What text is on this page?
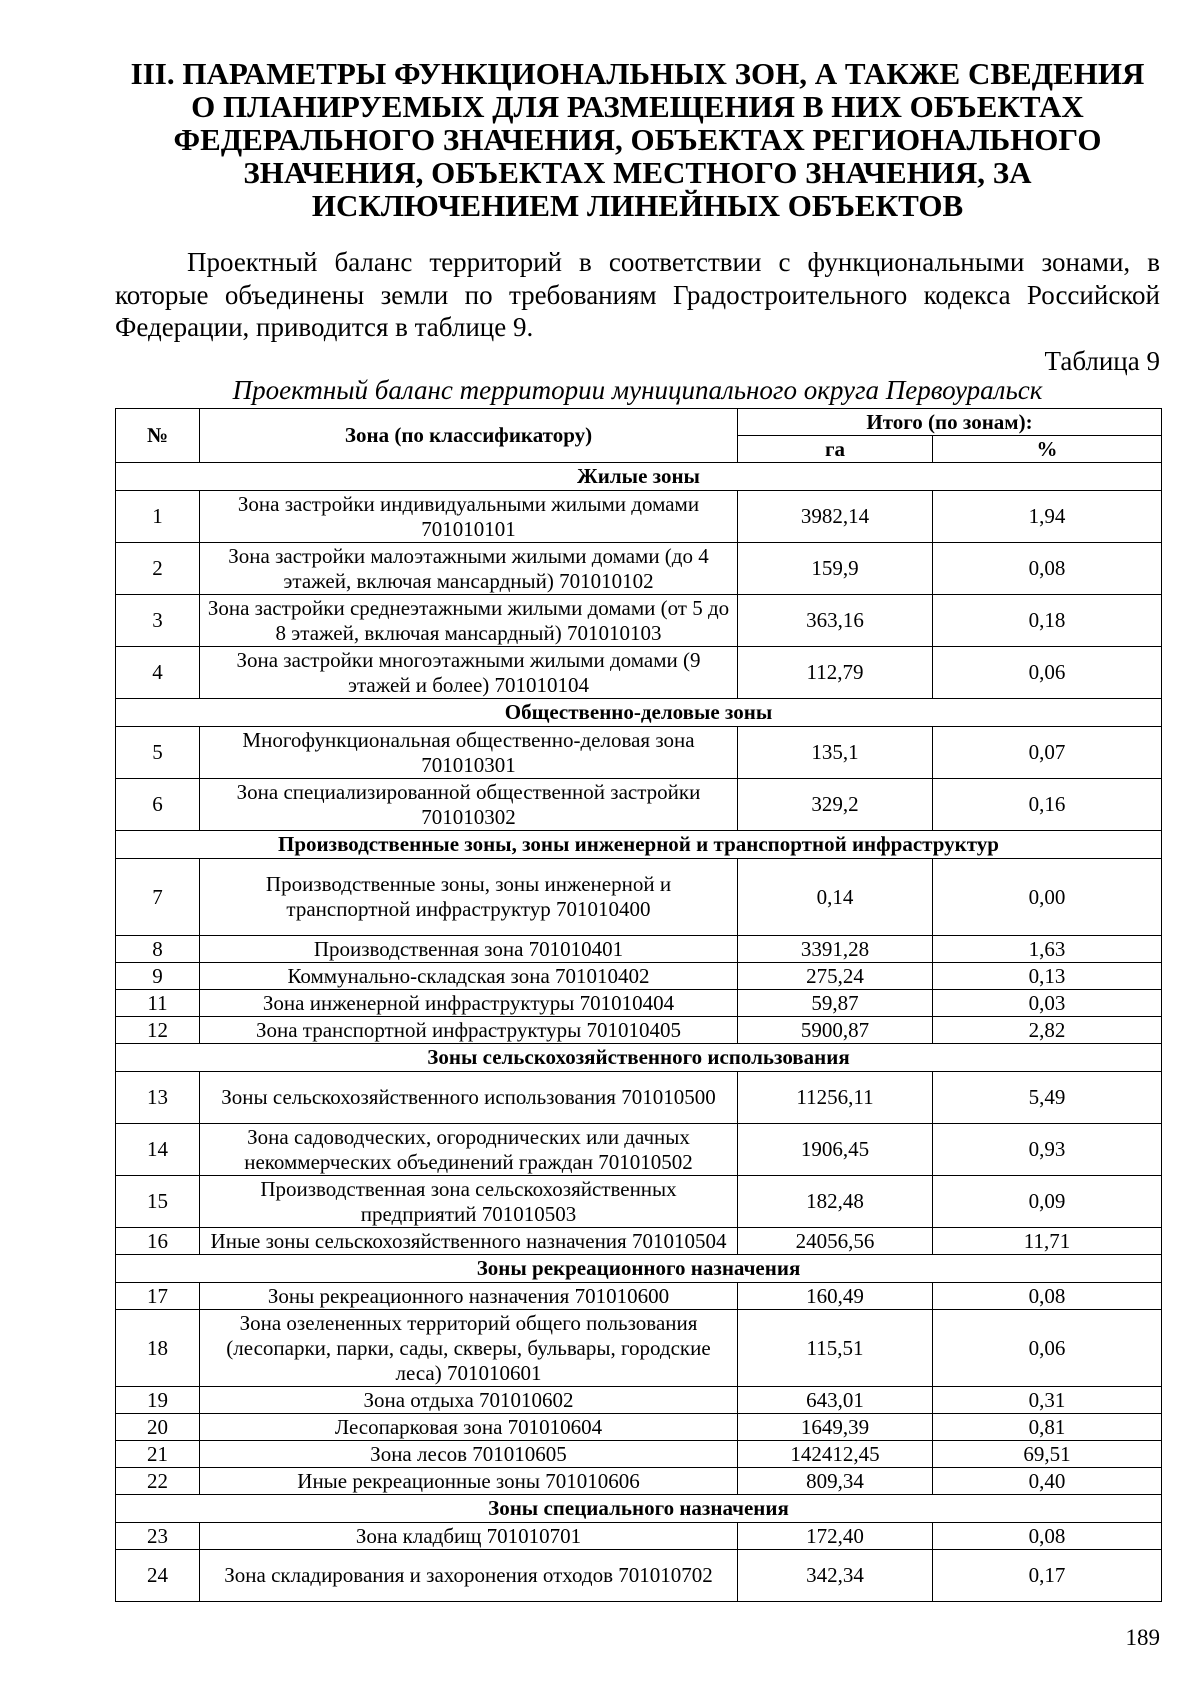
III. ПАРАМЕТРЫ ФУНКЦИОНАЛЬНЫХ ЗОН, А ТАКЖЕ СВЕДЕНИЯ О ПЛАНИРУЕМЫХ ДЛЯ РАЗМЕЩЕНИЯ В НИХ ОБЪЕКТАХ ФЕДЕРАЛЬНОГО ЗНАЧЕНИЯ, ОБЪЕКТАХ РЕГИОНАЛЬНОГО ЗНАЧЕНИЯ, ОБЪЕКТАХ МЕСТНОГО ЗНАЧЕНИЯ, ЗА ИСКЛЮЧЕНИЕМ ЛИНЕЙНЫХ ОБЪЕКТОВ

Проектный баланс территорий в соответствии с функциональными зонами, в которые объединены земли по требованиям Градостроительного кодекса Российской Федерации, приводится в таблице 9.

Таблица 9

Проектный баланс территории муниципального округа Первоуральск

№	Зона (по классификатору)	Итого (по зонам):	
		га	%
Жилые зоны			
1	Зона застройки индивидуальными жилыми домами 701010101	3982,14	1,94
2	Зона застройки малоэтажными жилыми домами (до 4 этажей, включая мансардный) 701010102	159,9	0,08
3	Зона застройки среднеэтажными жилыми домами (от 5 до 8 этажей, включая мансардный) 701010103	363,16	0,18
4	Зона застройки многоэтажными жилыми домами (9 этажей и более) 701010104	112,79	0,06
Общественно-деловые зоны			
5	Многофункциональная общественно-деловая зона 701010301	135,1	0,07
6	Зона специализированной общественной застройки 701010302	329,2	0,16
Производственные зоны, зоны инженерной и транспортной инфраструктур			
7	Производственные зоны, зоны инженерной и транспортной инфраструктур 701010400	0,14	0,00
8	Производственная зона 701010401	3391,28	1,63
9	Коммунально-складская зона 701010402	275,24	0,13
11	Зона инженерной инфраструктуры 701010404	59,87	0,03
12	Зона транспортной инфраструктуры 701010405	5900,87	2,82
Зоны сельскохозяйственного использования			
13	Зоны сельскохозяйственного использования 701010500	11256,11	5,49
14	Зона садоводческих, огороднических или дачных некоммерческих объединений граждан 701010502	1906,45	0,93
15	Производственная зона сельскохозяйственных предприятий 701010503	182,48	0,09
16	Иные зоны сельскохозяйственного назначения 701010504	24056,56	11,71
Зоны рекреационного назначения			
17	Зоны рекреационного назначения 701010600	160,49	0,08
18	Зона озелененных территорий общего пользования (лесопарки, парки, сады, скверы, бульвары, городские леса) 701010601	115,51	0,06
19	Зона отдыха 701010602	643,01	0,31
20	Лесопарковая зона 701010604	1649,39	0,81
21	Зона лесов 701010605	142412,45	69,51
22	Иные рекреационные зоны 701010606	809,34	0,40
Зоны специального назначения			
23	Зона кладбищ 701010701	172,40	0,08
24	Зона складирования и захоронения отходов 701010702	342,34	0,17

189
